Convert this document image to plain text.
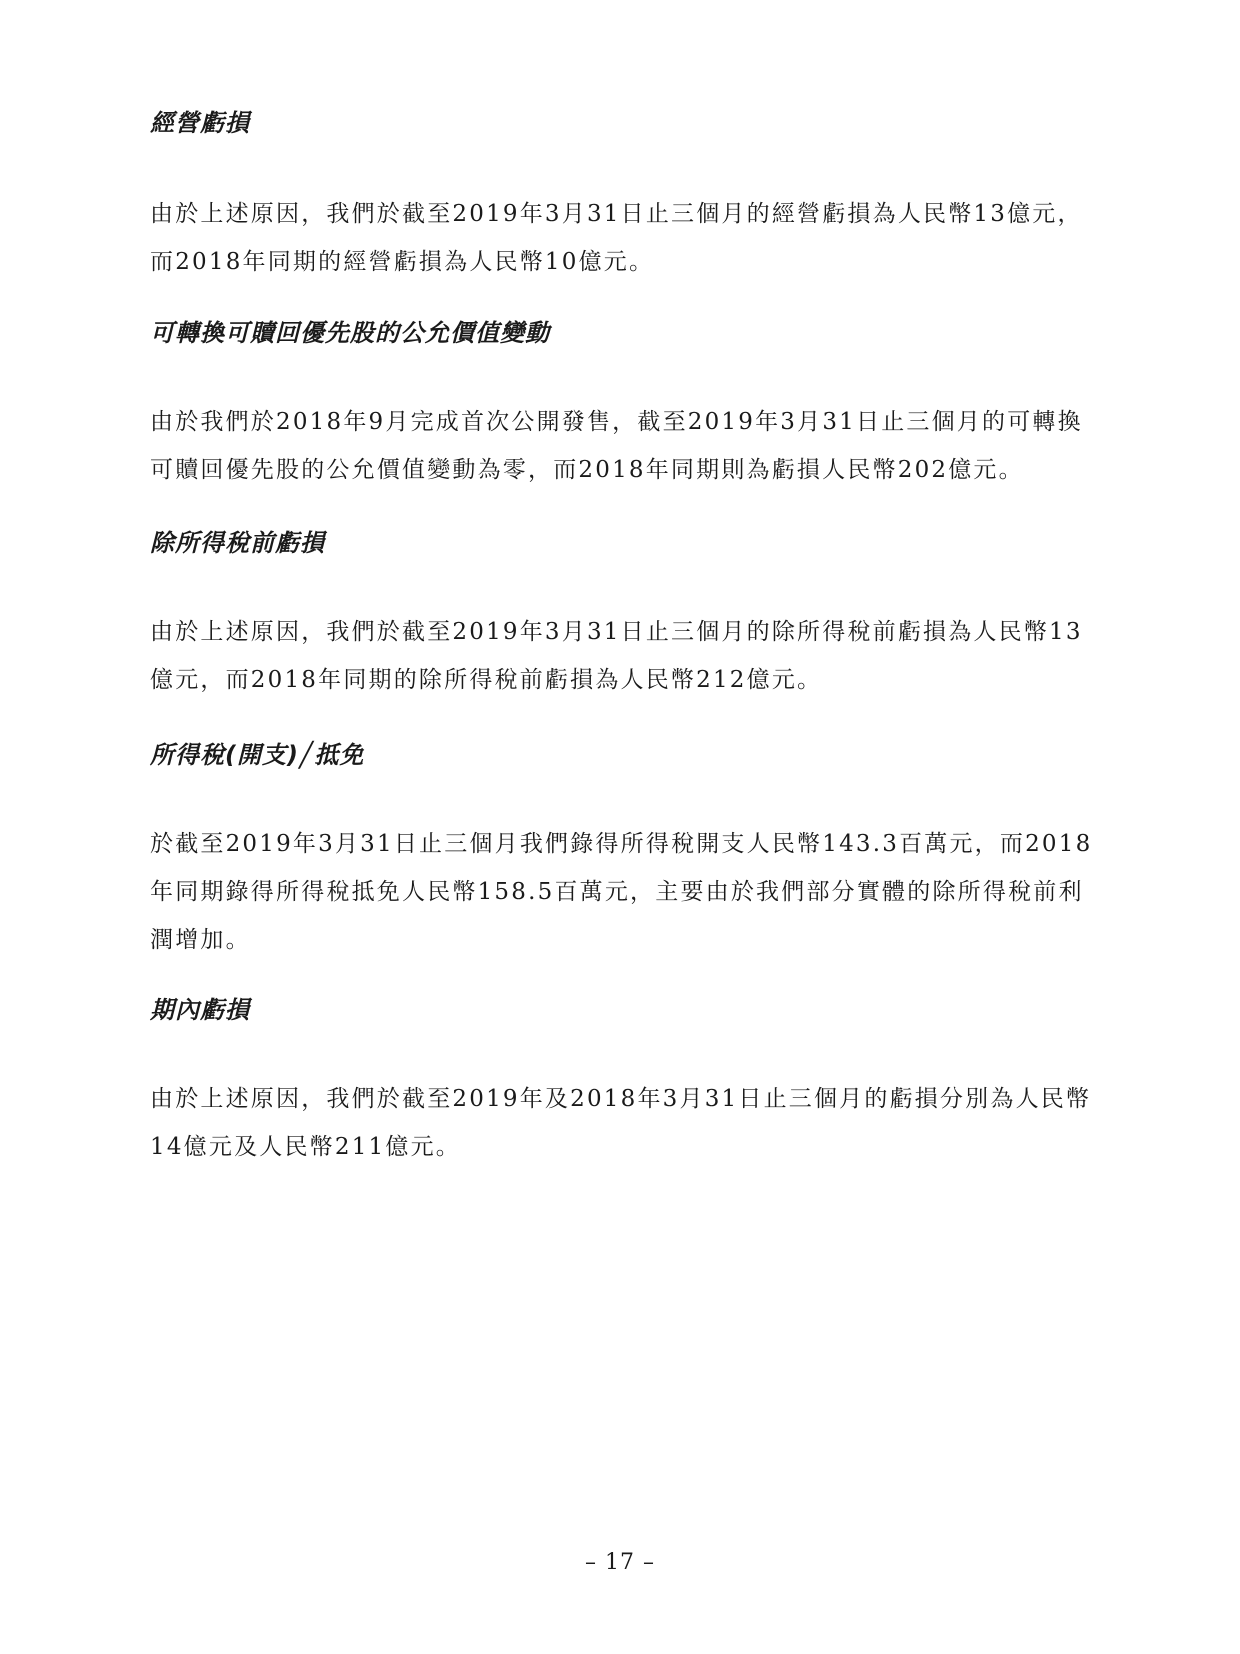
經營虧損

由於上述原因，我們於截至2019年3月31日止三個月的經營虧損為人民幣13億元，而2018年同期的經營虧損為人民幣10億元。

可轉換可贖回優先股的公允價值變動

由於我們於2018年9月完成首次公開發售，截至2019年3月31日止三個月的可轉換可贖回優先股的公允價值變動為零，而2018年同期則為虧損人民幣202億元。

除所得稅前虧損

由於上述原因，我們於截至2019年3月31日止三個月的除所得稅前虧損為人民幣13億元，而2018年同期的除所得稅前虧損為人民幣212億元。

所得稅(開支)╱抵免

於截至2019年3月31日止三個月我們錄得所得稅開支人民幣143.3百萬元，而2018年同期錄得所得稅抵免人民幣158.5百萬元，主要由於我們部分實體的除所得稅前利潤增加。

期內虧損

由於上述原因，我們於截至2019年及2018年3月31日止三個月的虧損分別為人民幣14億元及人民幣211億元。

– 17 –
